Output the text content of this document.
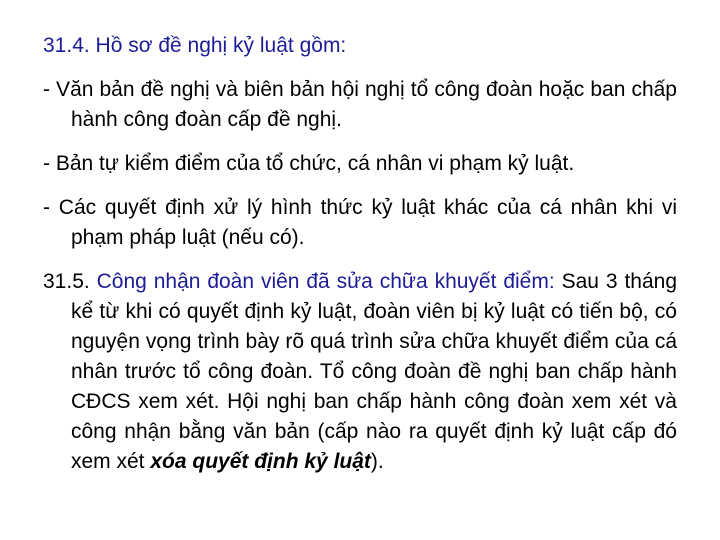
31.4. Hồ sơ đề nghị kỷ luật gồm:

- Văn bản đề nghị và biên bản hội nghị tổ công đoàn hoặc ban chấp hành công đoàn cấp đề nghị.

- Bản tự kiểm điểm của tổ chức, cá nhân vi phạm kỷ luật.

- Các quyết định xử lý hình thức kỷ luật khác của cá nhân khi vi phạm pháp luật (nếu có).

31.5. Công nhận đoàn viên đã sửa chữa khuyết điểm: Sau 3 tháng kể từ khi có quyết định kỷ luật, đoàn viên bị kỷ luật có tiến bộ, có nguyện vọng trình bày rõ quá trình sửa chữa khuyết điểm của cá nhân trước tổ công đoàn. Tổ công đoàn đề nghị ban chấp hành CĐCS xem xét. Hội nghị ban chấp hành công đoàn xem xét và công nhận bằng văn bản (cấp nào ra quyết định kỷ luật cấp đó xem xét xóa quyết định kỷ luật).
